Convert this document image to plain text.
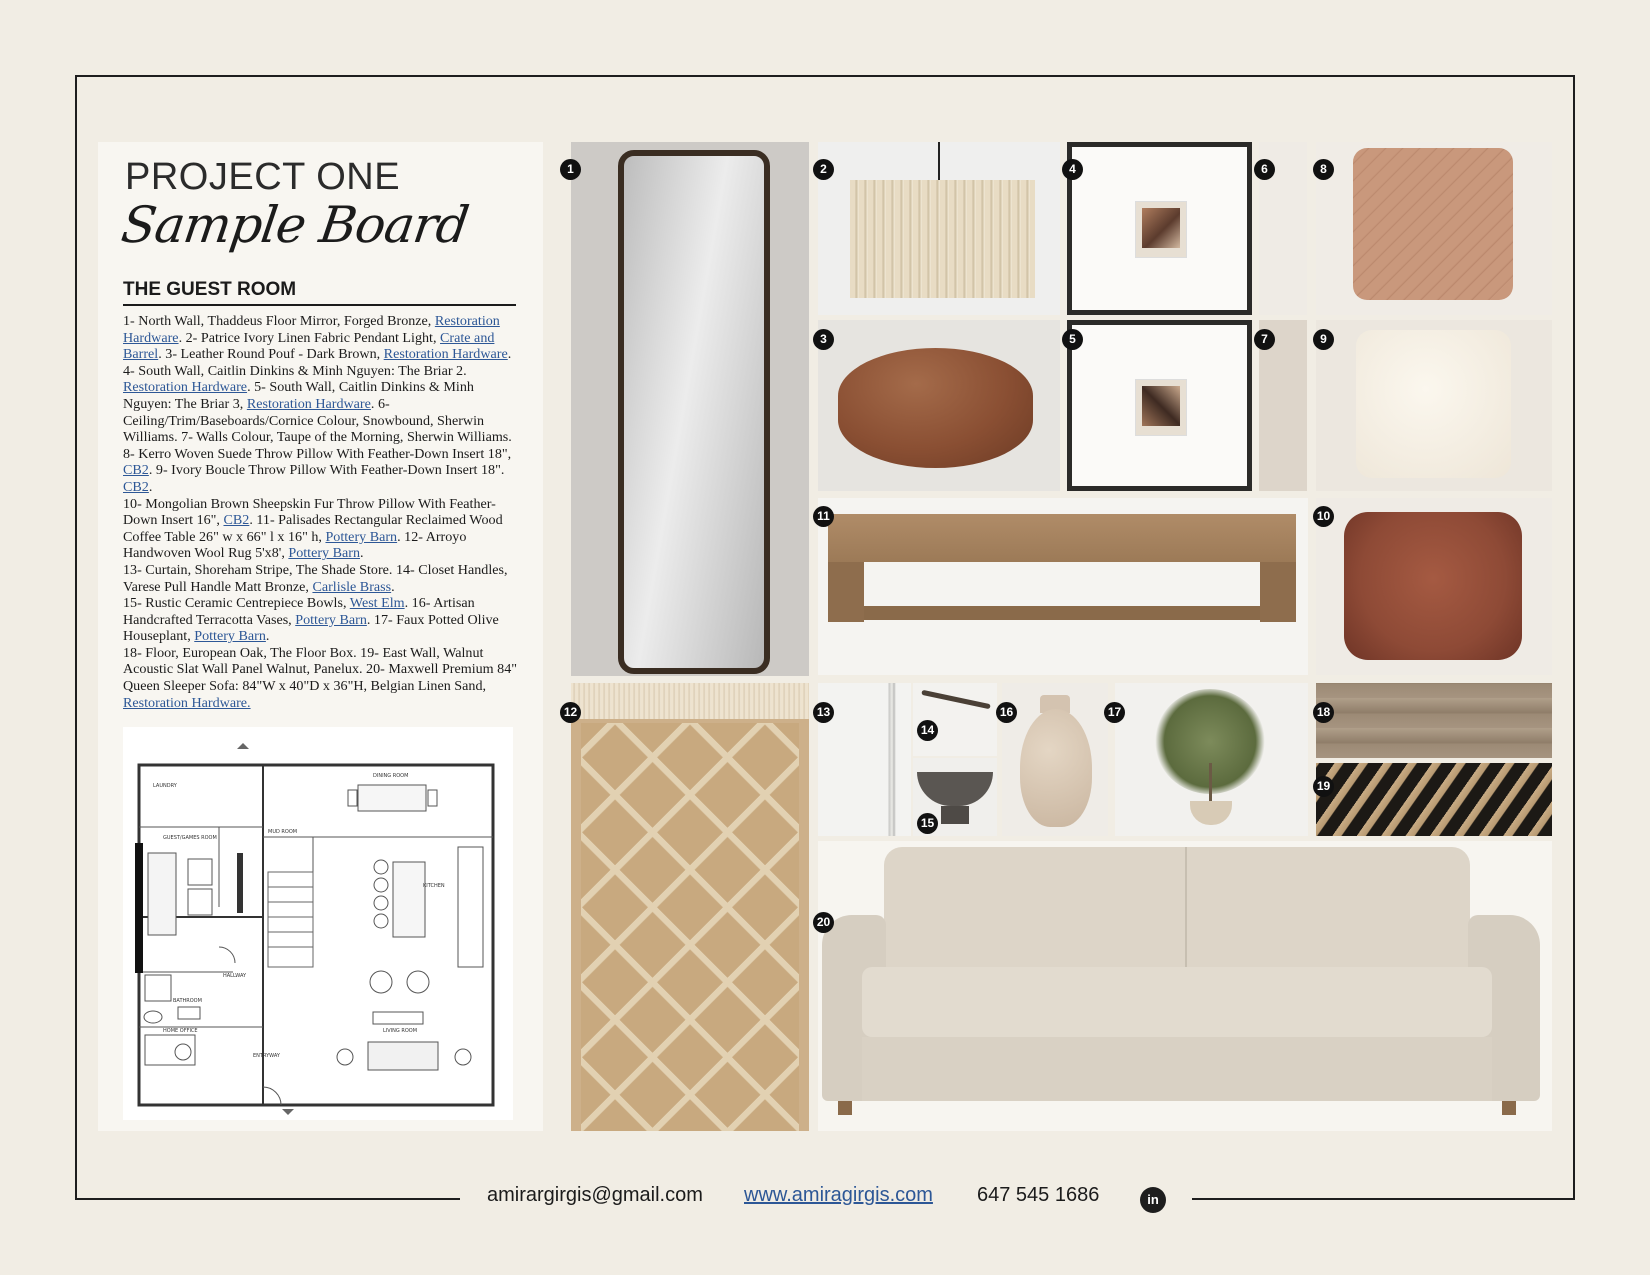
PROJECT ONE
Sample Board
THE GUEST ROOM

1- North Wall, Thaddeus Floor Mirror, Forged Bronze, Restoration Hardware. 2- Patrice Ivory Linen Fabric Pendant Light, Crate and Barrel. 3- Leather Round Pouf - Dark Brown, Restoration Hardware. 4- South Wall, Caitlin Dinkins & Minh Nguyen: The Briar 2. Restoration Hardware. 5- South Wall, Caitlin Dinkins & Minh Nguyen: The Briar 3, Restoration Hardware. 6- Ceiling/Trim/Baseboards/Cornice Colour, Snowbound, Sherwin Williams. 7- Walls Colour, Taupe of the Morning, Sherwin Williams. 8- Kerro Woven Suede Throw Pillow With Feather-Down Insert 18", CB2. 9- Ivory Boucle Throw Pillow With Feather-Down Insert 18". CB2.

10- Mongolian Brown Sheepskin Fur Throw Pillow With Feather-Down Insert 16", CB2. 11- Palisades Rectangular Reclaimed Wood Coffee Table 26" w x 66" l x 16" h, Pottery Barn. 12- Arroyo Handwoven Wool Rug 5'x8', Pottery Barn.

13- Curtain, Shoreham Stripe, The Shade Store. 14- Closet Handles, Varese Pull Handle Matt Bronze, Carlisle Brass.

15- Rustic Ceramic Centrepiece Bowls, West Elm. 16- Artisan Handcrafted Terracotta Vases, Pottery Barn. 17- Faux Potted Olive Houseplant, Pottery Barn.

18- Floor, European Oak, The Floor Box. 19- East Wall, Walnut Acoustic Slat Wall Panel Walnut, Panelux. 20- Maxwell Premium 84" Queen Sleeper Sofa: 84"W x 40"D x 36"H, Belgian Linen Sand, Restoration Hardware.

DINING ROOM
MUD ROOM
KITCHEN
GUEST/GAMES ROOM
LIVING ROOM
ENTRYWAY
BATHROOM
HOME OFFICE
LAUNDRY
HALLWAY
1	2
3
4
5
6
7
8
9
10
11
12	13
14
15
16	17	18
19
20
amirargirgis@gmail.com www.amiragirgis.com 647 545 1686	in
